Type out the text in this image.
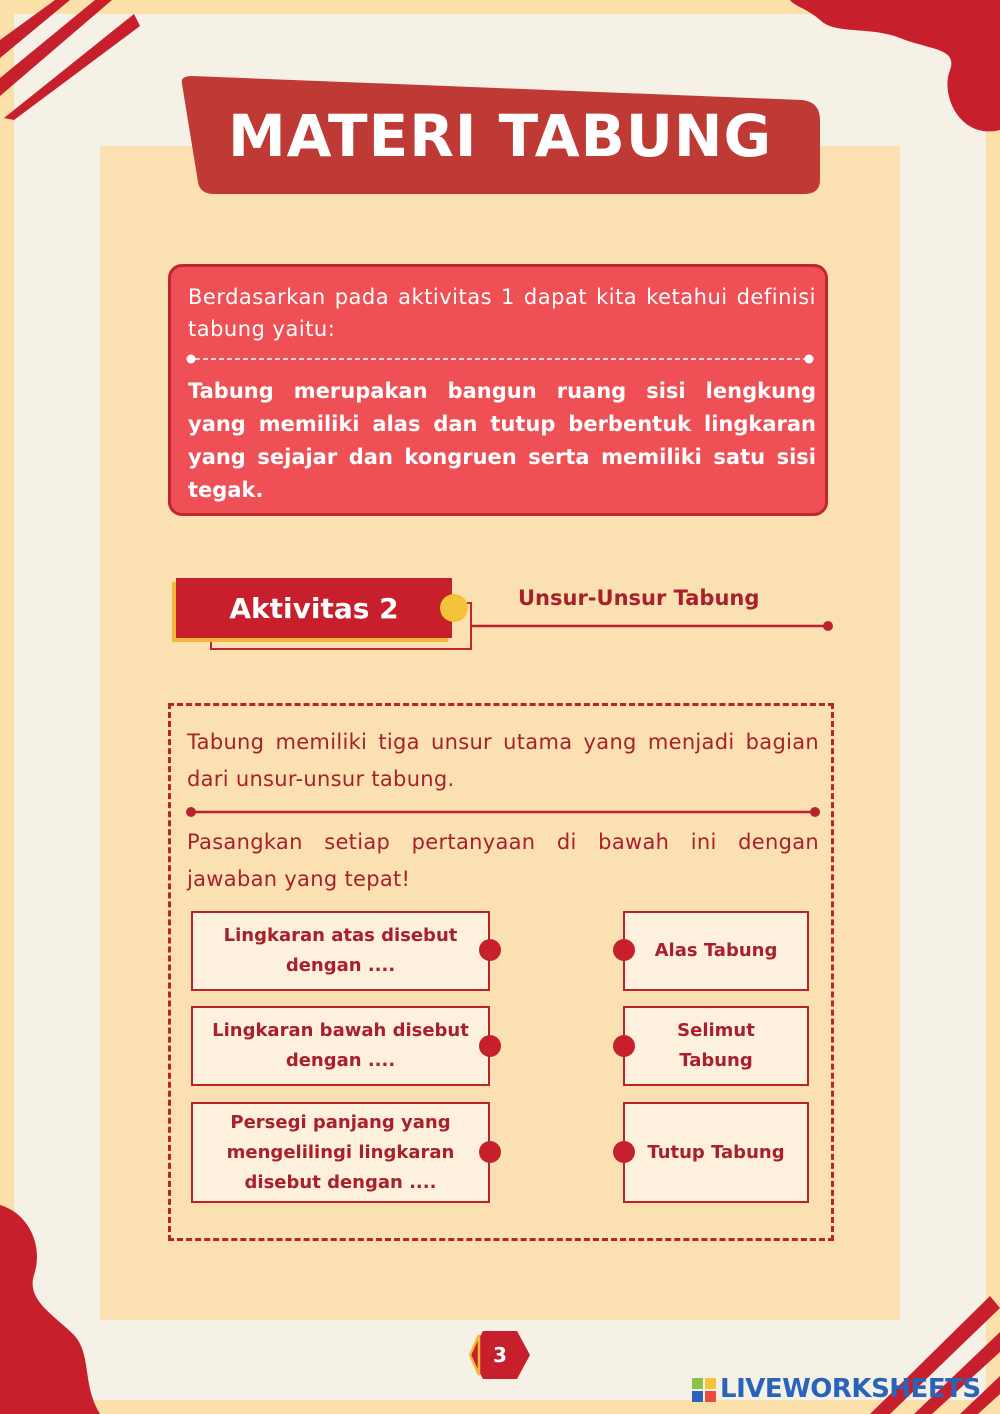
MATERI TABUNG
Berdasarkan pada aktivitas 1 dapat kita ketahui definisi tabung yaitu:
Tabung merupakan bangun ruang sisi lengkung yang memiliki alas dan tutup berbentuk lingkaran yang sejajar dan kongruen serta memiliki satu sisi tegak.
Aktivitas 2	Unsur-Unsur Tabung
Tabung memiliki tiga unsur utama yang menjadi bagian dari unsur-unsur tabung.
Pasangkan setiap pertanyaan di bawah ini dengan jawaban yang tepat!
Lingkaran atas disebut dengan ....
Lingkaran bawah disebut dengan ....
Persegi panjang yang mengelilingi lingkaran disebut dengan ....
Alas Tabung
Selimut Tabung
Tutup Tabung
3
LIVEWORKSHEETS
